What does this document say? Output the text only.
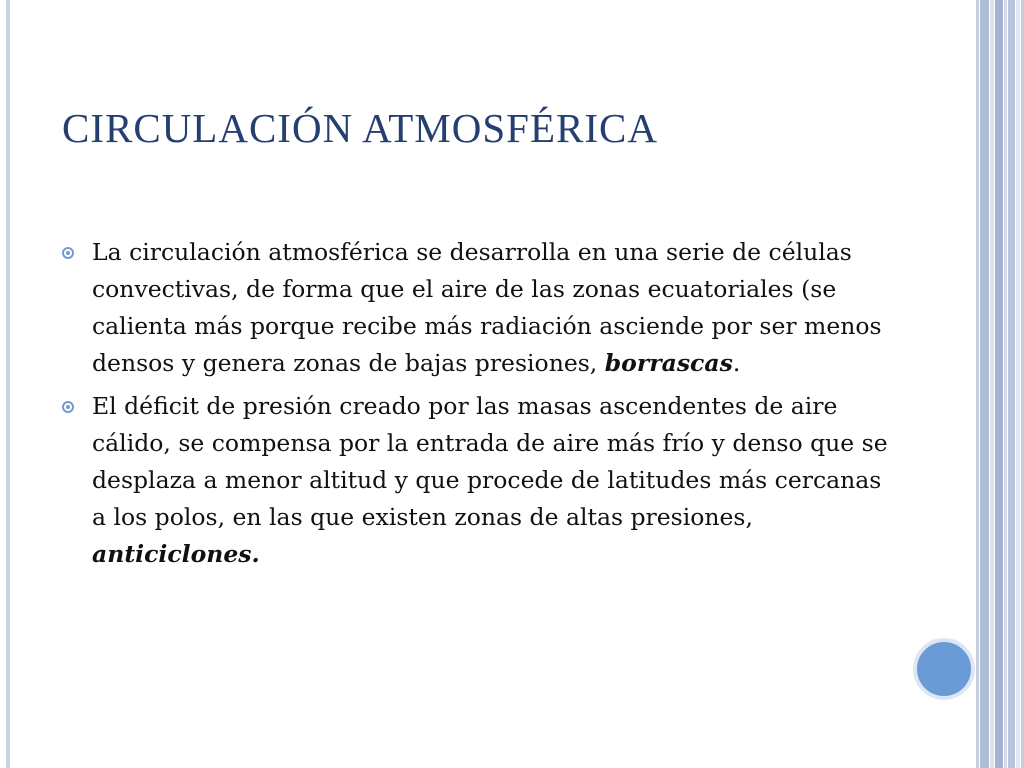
CIRCULACIÓN ATMOSFÉRICA
La circulación atmosférica se desarrolla en una serie de células convectivas, de forma que el aire de las zonas ecuatoriales (se calienta más porque recibe más radiación asciende por ser menos densos y genera zonas de bajas presiones, borrascas.
El déficit de presión creado por las masas ascendentes de aire cálido, se compensa por la entrada de aire más frío y denso que se desplaza a menor altitud y que procede de latitudes más cercanas a los polos, en las que existen zonas de altas presiones, anticiclones.
